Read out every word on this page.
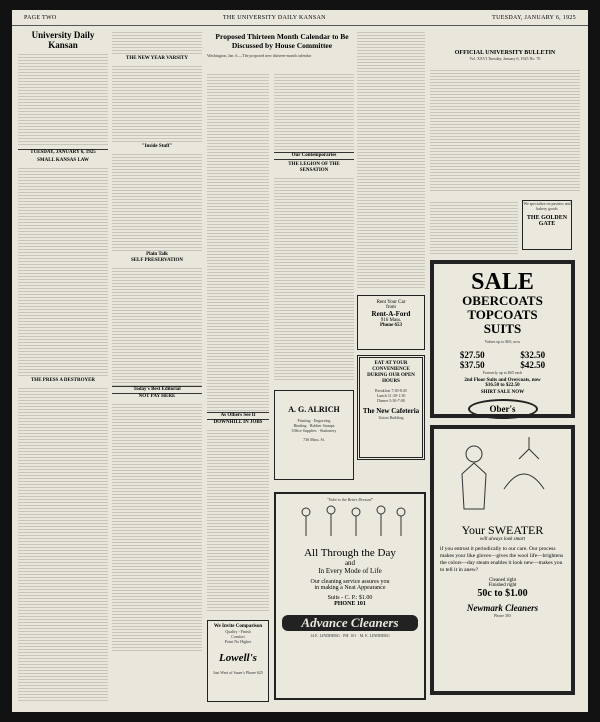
PAGE TWO	THE UNIVERSITY DAILY KANSAN	TUESDAY, JANUARY 6, 1925
University Daily Kansan
TUESDAY, JANUARY 6, 1925
SMALL KANSAS LAW
THE PRESS A DESTROYER
THE NEW YEAR VARSITY
"Inside Stuff"
Plain Talk
SELF PRESERVATION
Today's Best Editorial
NOT PAY HERE
Proposed Thirteen Month Calendar to Be Discussed by House Committee
Washington, Jan. 6.—The proposed new thirteen-month calendar
As Others See It
DOWNHILL IN JOBS
Our Contemporaries
THE LEGION OF THE SENSATION
OFFICIAL UNIVERSITY BULLETIN
Vol. XXVI Tuesday, January 6, 1925 No. 70
We specialize on pastries and bakery goods
THE GOLDEN GATE
Rent Your Car
from
Rent-A-Ford
916 Mass.
Phone 653
EAT AT YOUR CONVENIENCE DURING OUR OPEN HOURS
Breakfast 7:30-8:45
Lunch 11:30-1:30
Dinner 5:30-7:00
The New Cafeteria
Union Building
A. G. ALRICH
Printing · Engraving
Binding · Rubber Stamps
Office Supplies · Stationery
736 Mass. St.
SALE
OBERCOATS
TOPCOATS
SUITS
Values up to $65, now
$27.50
$37.50
$32.50
$42.50
Formerly up to $65 each
2nd Floor Suits and Overcoats, now
$16.50 to $22.50
SHIRT SALE NOW
Ober's
"Valet to the Better Dressed"
All Through the Day
and
In Every Mode of Life
Our cleaning service assures you
in making a Neat Appearance
Suits - C. P.: $1.00
PHONE 101
Advance Cleaners
14 E. LINDBERG · PH. 101 · M. E. LINDBERG
We Invite Comparison
Quality - Finish
Comfort
Point No Higher
Lowell's
Just West of Sauer's Phone 625
Your SWEATER
will always look smart
if you entrust it periodically to our care. Our process makes your like gloves—gives the wool life—brightens the colors—day steam enables it look new—makes you to tell it in anew?
Cleaned right
Finished right
50c to $1.00
Newmark Cleaners
Phone 383
